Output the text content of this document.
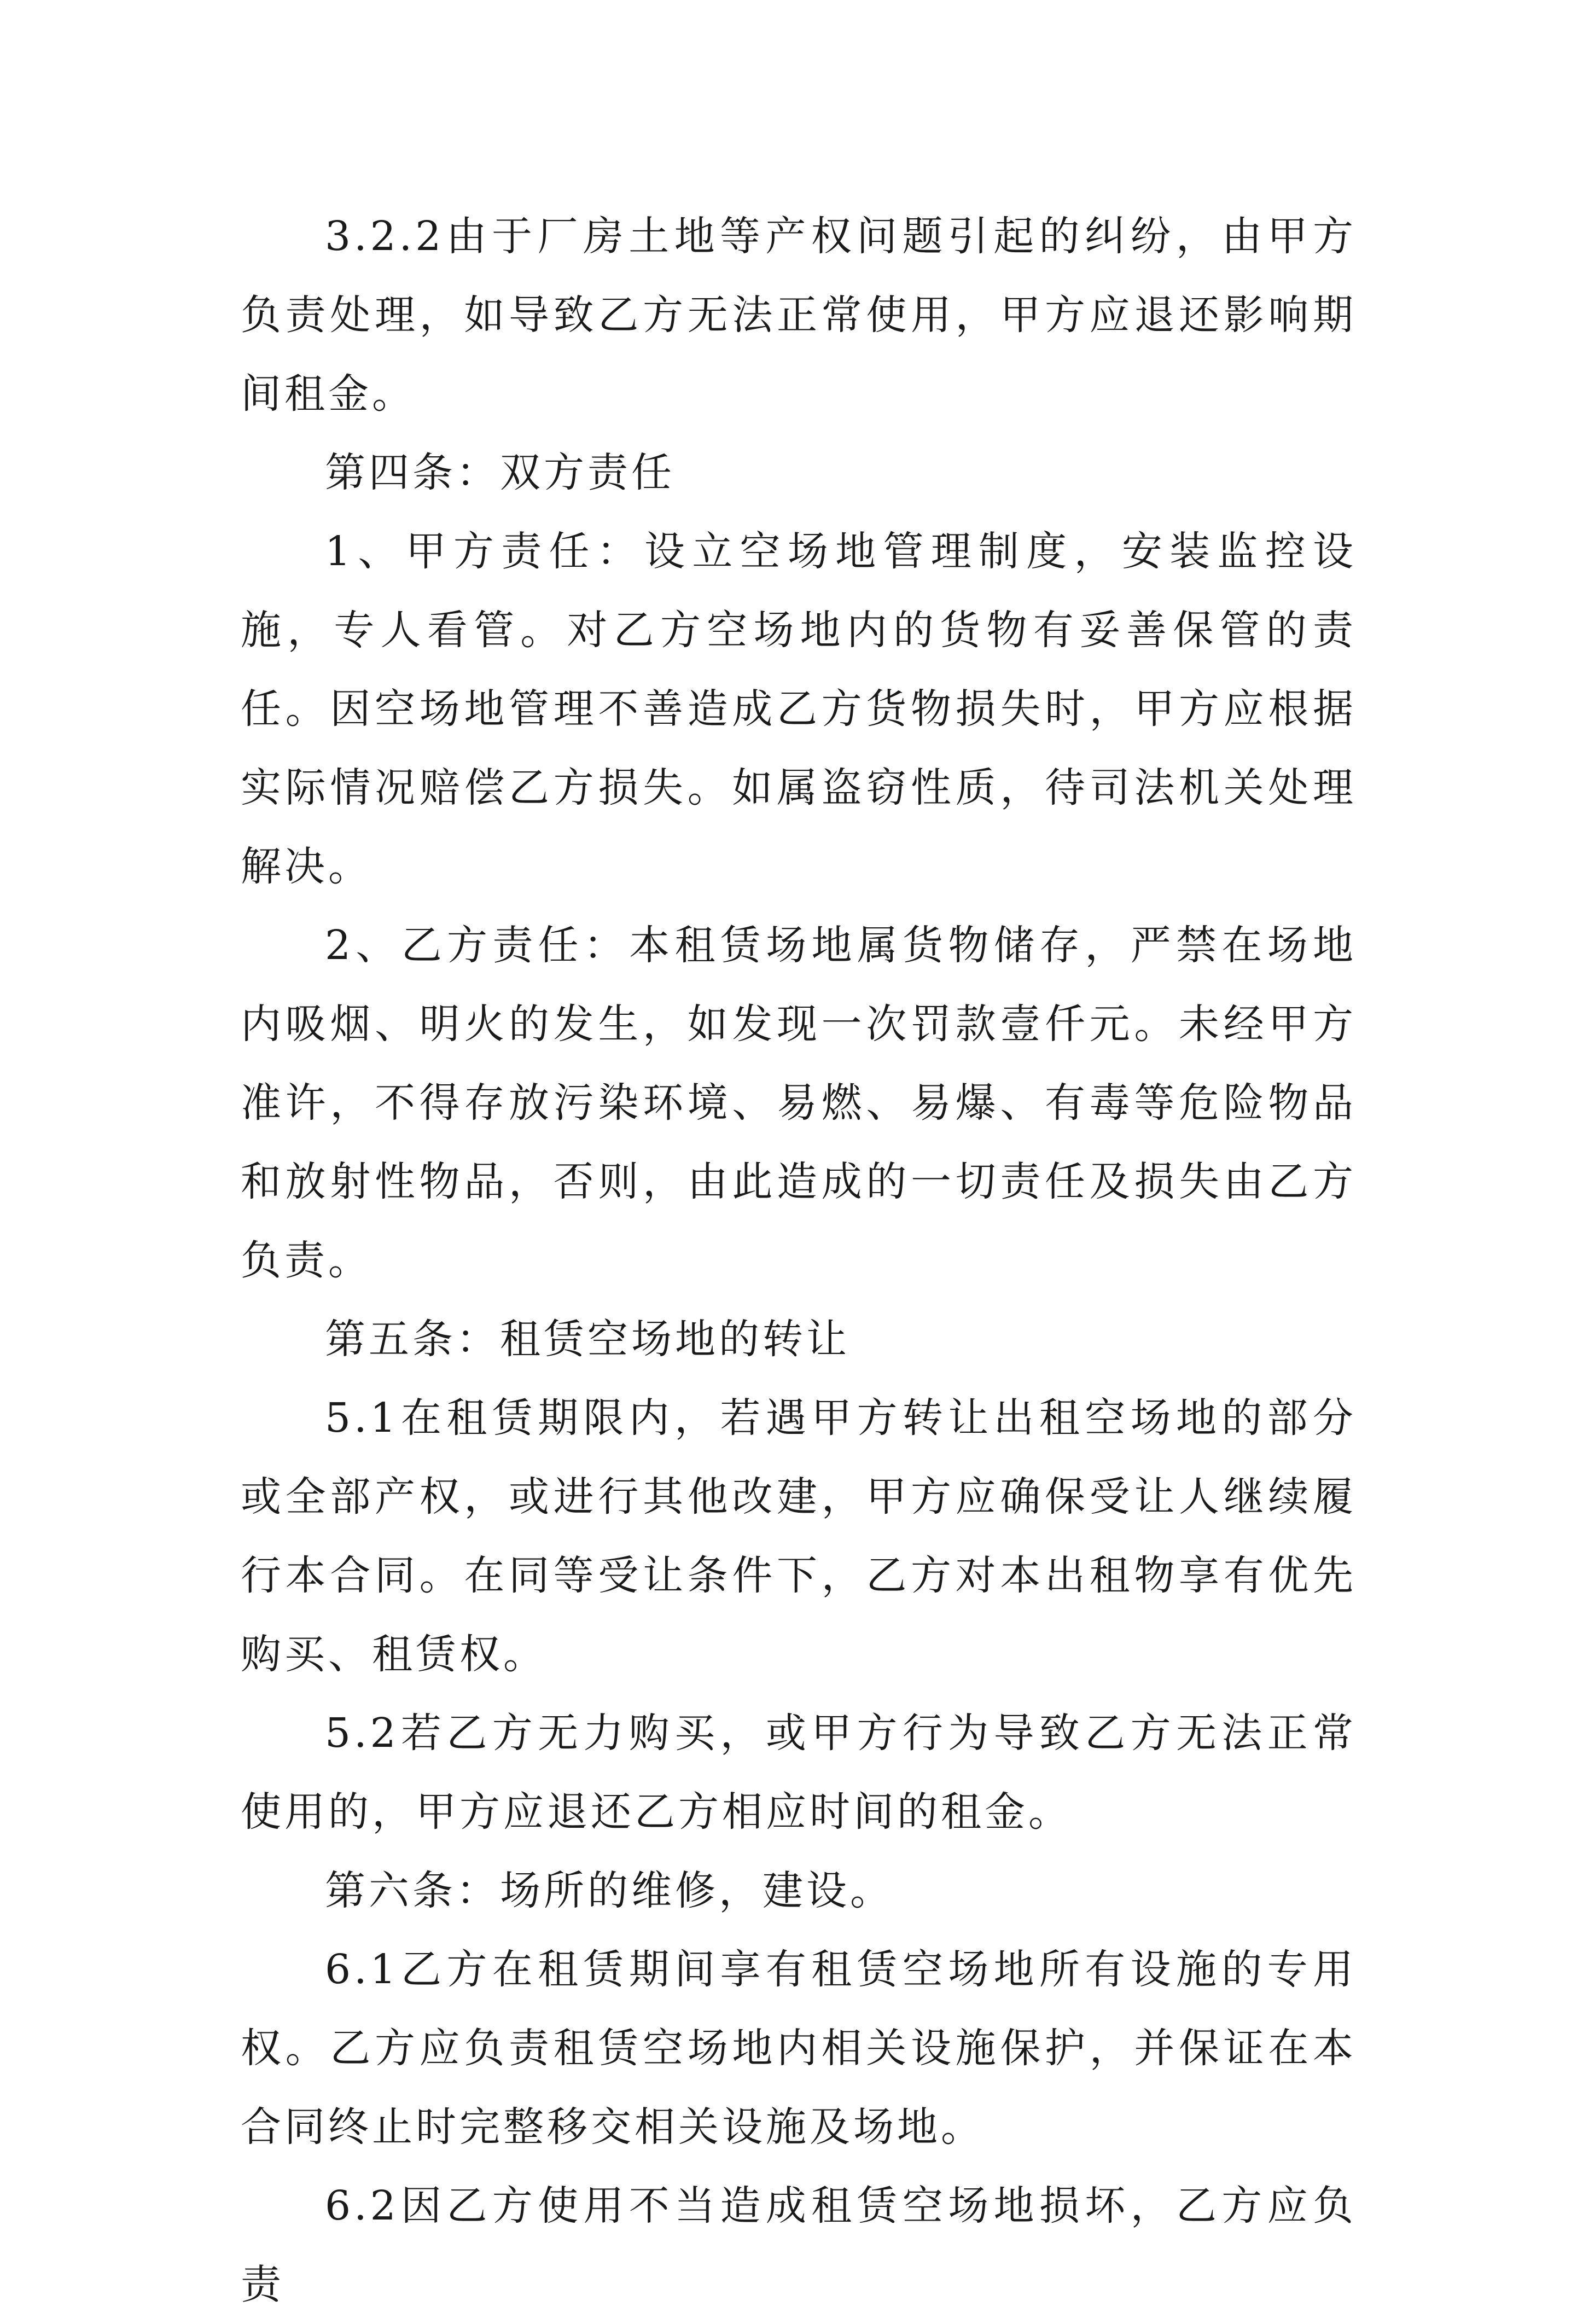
3.2.2由于厂房土地等产权问题引起的纠纷，由甲方负责处理，如导致乙方无法正常使用，甲方应退还影响期间租金。

第四条：双方责任

1、甲方责任：设立空场地管理制度，安装监控设施，专人看管。对乙方空场地内的货物有妥善保管的责任。因空场地管理不善造成乙方货物损失时，甲方应根据实际情况赔偿乙方损失。如属盗窃性质，待司法机关处理解决。

2、乙方责任：本租赁场地属货物储存，严禁在场地内吸烟、明火的发生，如发现一次罚款壹仟元。未经甲方准许，不得存放污染环境、易燃、易爆、有毒等危险物品和放射性物品，否则，由此造成的一切责任及损失由乙方负责。

第五条：租赁空场地的转让

5.1在租赁期限内，若遇甲方转让出租空场地的部分或全部产权，或进行其他改建，甲方应确保受让人继续履行本合同。在同等受让条件下，乙方对本出租物享有优先购买、租赁权。

5.2若乙方无力购买，或甲方行为导致乙方无法正常使用的，甲方应退还乙方相应时间的租金。

第六条：场所的维修，建设。

6.1乙方在租赁期间享有租赁空场地所有设施的专用权。乙方应负责租赁空场地内相关设施保护，并保证在本合同终止时完整移交相关设施及场地。

6.2因乙方使用不当造成租赁空场地损坏，乙方应负责
